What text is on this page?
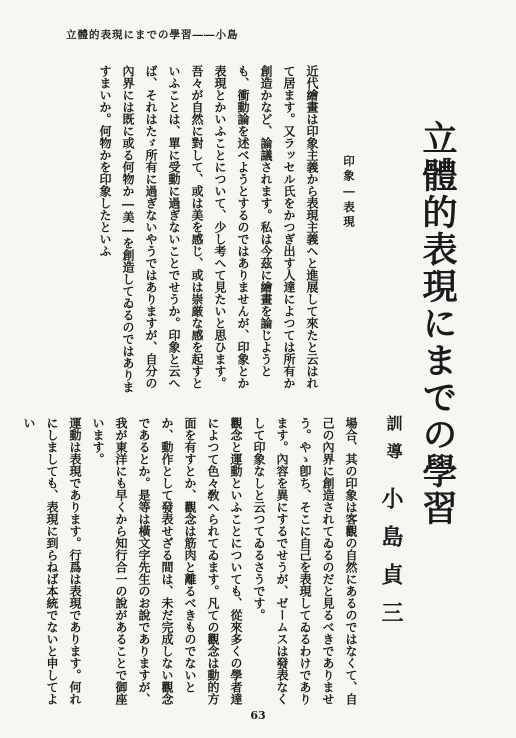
立體的表現にまでの學習――小島
立體的表現にまでの學習
印象―表現
訓導
小島貞三

近代繪畫は印象主義から表現主義へと進展して來たと云はれて居ます。又ラッセル氏をかつぎ出す人達によつては所有か創造かなど、論議されます。私は今茲に繪畫を論じようとも、衝動論を述べようとするのではありませんが、印象とか表現とかいふことについて、少し考へて見たいと思ひます。

吾々が自然に對して、或は美を感じ、或は崇厳な感を起すといふことは、單に受動に過ぎないことでせうか。印象と云へば、それはたゞ所有に過ぎないやうではありますが、自分の內界には既に或る何物か―美―を創造してゐるのではありますまいか。何物かを印象したといふ

場合、其の印象は客觀の自然にあるのではなくて、自己の內界に創造されてゐるのだと見るべきでありませう。やゝ卽ち、そこに自己を表現してゐるわけであります。內容を異にするでせうが、ゼームスは發表なくして印象なしと云つてゐるさうです。

觀念と運動といふことについても、從來多くの學者達によつて色々敎へられてゐます。凡ての觀念は動的方面を有すとか、觀念は筋肉と離るべきものでないとか、動作として發表せざる間は、未だ完成しない觀念であるとか。是等は橫文字先生のお說でありますが、我が東洋にも早くから知行合一の說があることで御座います。

運動は表現であります。行爲は表現であります。何れにしましても、表現に到らねば本統でないと申してよい

63
